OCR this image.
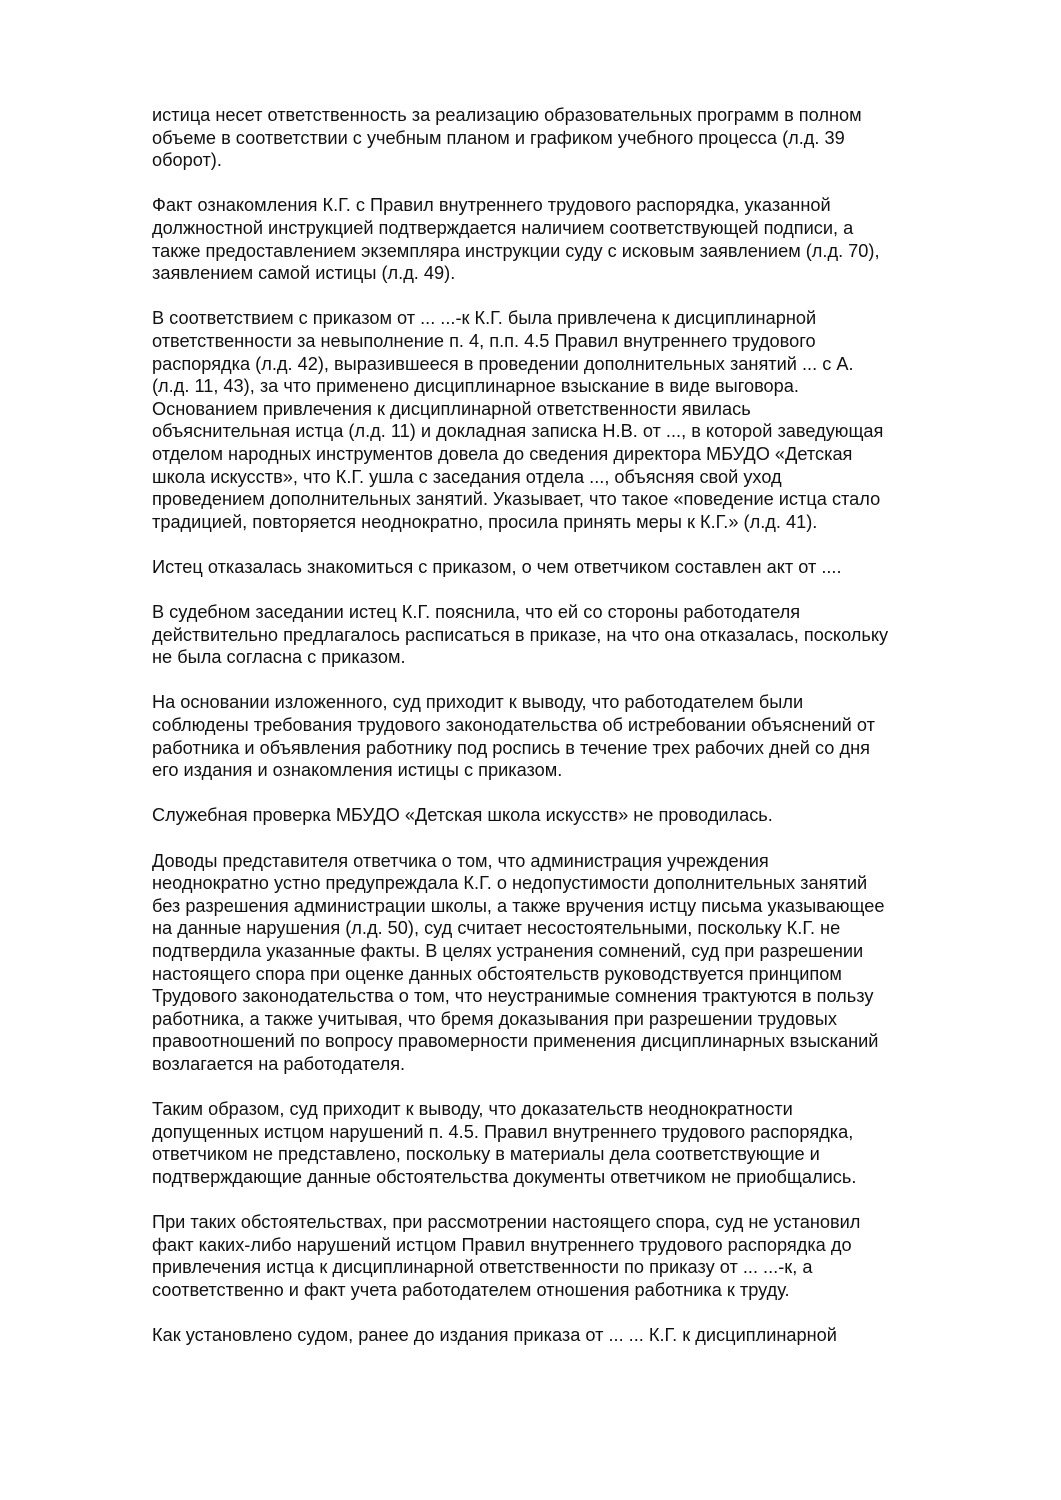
истица несет ответственность за реализацию образовательных программ в полном
объеме в соответствии с учебным планом и графиком учебного процесса (л.д. 39
оборот).
Факт ознакомления К.Г. с Правил внутреннего трудового распорядка, указанной
должностной инструкцией подтверждается наличием соответствующей подписи, а
также предоставлением экземпляра инструкции суду с исковым заявлением (л.д. 70),
заявлением самой истицы (л.д. 49).
В соответствием с приказом от ... ...-к К.Г. была привлечена к дисциплинарной
ответственности за невыполнение п. 4, п.п. 4.5 Правил внутреннего трудового
распорядка (л.д. 42), выразившееся в проведении дополнительных занятий ... с А.
(л.д. 11, 43), за что применено дисциплинарное взыскание в виде выговора.
Основанием привлечения к дисциплинарной ответственности явилась
объяснительная истца (л.д. 11) и докладная записка Н.В. от ..., в которой заведующая
отделом народных инструментов довела до сведения директора МБУДО «Детская
школа искусств», что К.Г. ушла с заседания отдела ..., объясняя свой уход
проведением дополнительных занятий. Указывает, что такое «поведение истца стало
традицией, повторяется неоднократно, просила принять меры к К.Г.» (л.д. 41).
Истец отказалась знакомиться с приказом, о чем ответчиком составлен акт от ....
В судебном заседании истец К.Г. пояснила, что ей со стороны работодателя
действительно предлагалось расписаться в приказе, на что она отказалась, поскольку
не была согласна с приказом.
На основании изложенного, суд приходит к выводу, что работодателем были
соблюдены требования трудового законодательства об истребовании объяснений от
работника и объявления работнику под роспись в течение трех рабочих дней со дня
его издания и ознакомления истицы с приказом.
Служебная проверка МБУДО «Детская школа искусств» не проводилась.
Доводы представителя ответчика о том, что администрация учреждения
неоднократно устно предупреждала К.Г. о недопустимости дополнительных занятий
без разрешения администрации школы, а также вручения истцу письма указывающее
на данные нарушения (л.д. 50), суд считает несостоятельными, поскольку К.Г. не
подтвердила указанные факты. В целях устранения сомнений, суд при разрешении
настоящего спора при оценке данных обстоятельств руководствуется принципом
Трудового законодательства о том, что неустранимые сомнения трактуются в пользу
работника, а также учитывая, что бремя доказывания при разрешении трудовых
правоотношений по вопросу правомерности применения дисциплинарных взысканий
возлагается на работодателя.
Таким образом, суд приходит к выводу, что доказательств неоднократности
допущенных истцом нарушений п. 4.5. Правил внутреннего трудового распорядка,
ответчиком не представлено, поскольку в материалы дела соответствующие и
подтверждающие данные обстоятельства документы ответчиком не приобщались.
При таких обстоятельствах, при рассмотрении настоящего спора, суд не установил
факт каких-либо нарушений истцом Правил внутреннего трудового распорядка до
привлечения истца к дисциплинарной ответственности по приказу от ... ...-к, а
соответственно и факт учета работодателем отношения работника к труду.
Как установлено судом, ранее до издания приказа от ... ... К.Г. к дисциплинарной
